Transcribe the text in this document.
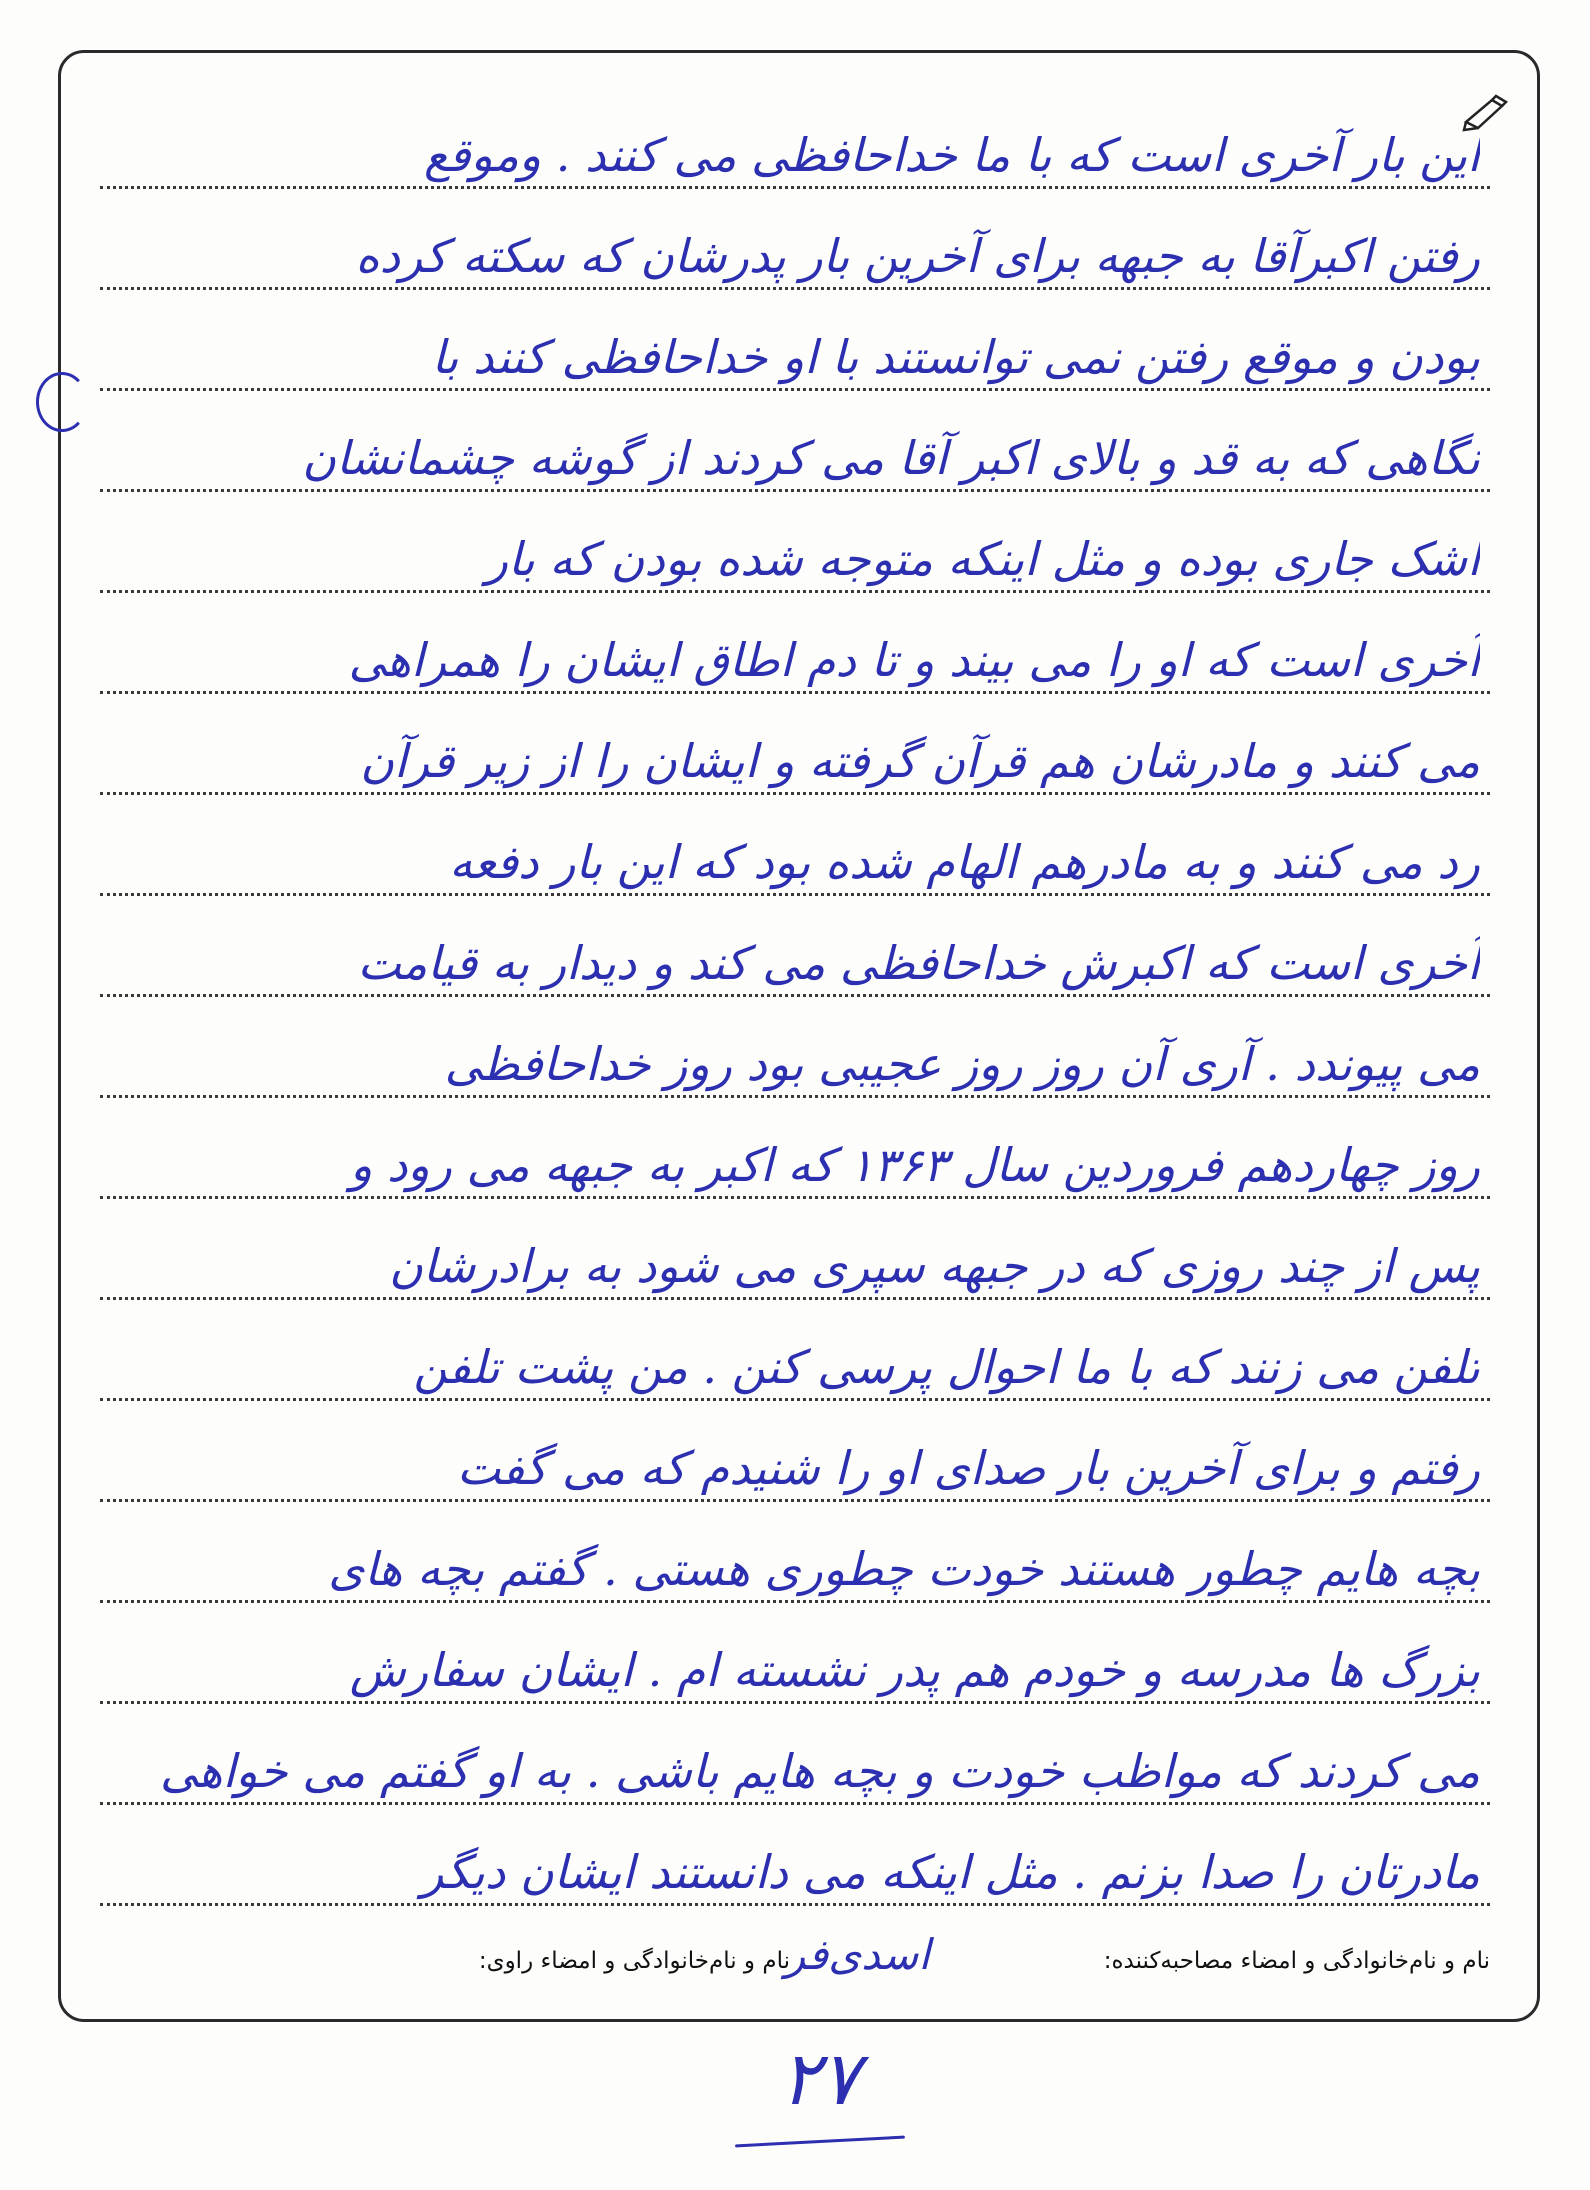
این بار آخری است که با ما خداحافظی می کنند . وموقع
رفتن اکبرآقا به جبهه برای آخرین بار پدرشان که سکته کرده
بودن و موقع رفتن نمی توانستند با او خداحافظی کنند با
نگاهی که به قد و بالای اکبر آقا می کردند از گوشه چشمانشان
اشک جاری بوده و مثل اینکه متوجه شده بودن که بار
آخری است که او را می بیند و تا دم اطاق ایشان را همراهی
می کنند و مادرشان هم قرآن گرفته و ایشان را از زیر قرآن
رد می کنند و به مادرهم الهام شده بود که این بار دفعه
آخری است که اکبرش خداحافظی می کند و دیدار به قیامت
می پیوندد . آری آن روز روز عجیبی بود روز خداحافظی
روز چهاردهم فروردین سال ۱۳۶۳ که اکبر به جبهه می رود و
پس از چند روزی که در جبهه سپری می شود به برادرشان
تلفن می زنند که با ما احوال پرسی کنن . من پشت تلفن
رفتم و برای آخرین بار صدای او را شنیدم که می گفت
بچه هایم چطور هستند خودت چطوری هستی . گفتم بچه های
بزرگ ها مدرسه و خودم هم پدر نشسته ام . ایشان سفارش
می کردند که مواظب خودت و بچه هایم باشی . به او گفتم می خواهی
مادرتان را صدا بزنم . مثل اینکه می دانستند ایشان دیگر
نام و نام‌خانوادگی و امضاء مصاحبه‌کننده:
اسدی‌فر
نام و نام‌خانوادگی و امضاء راوی:
۲۷
